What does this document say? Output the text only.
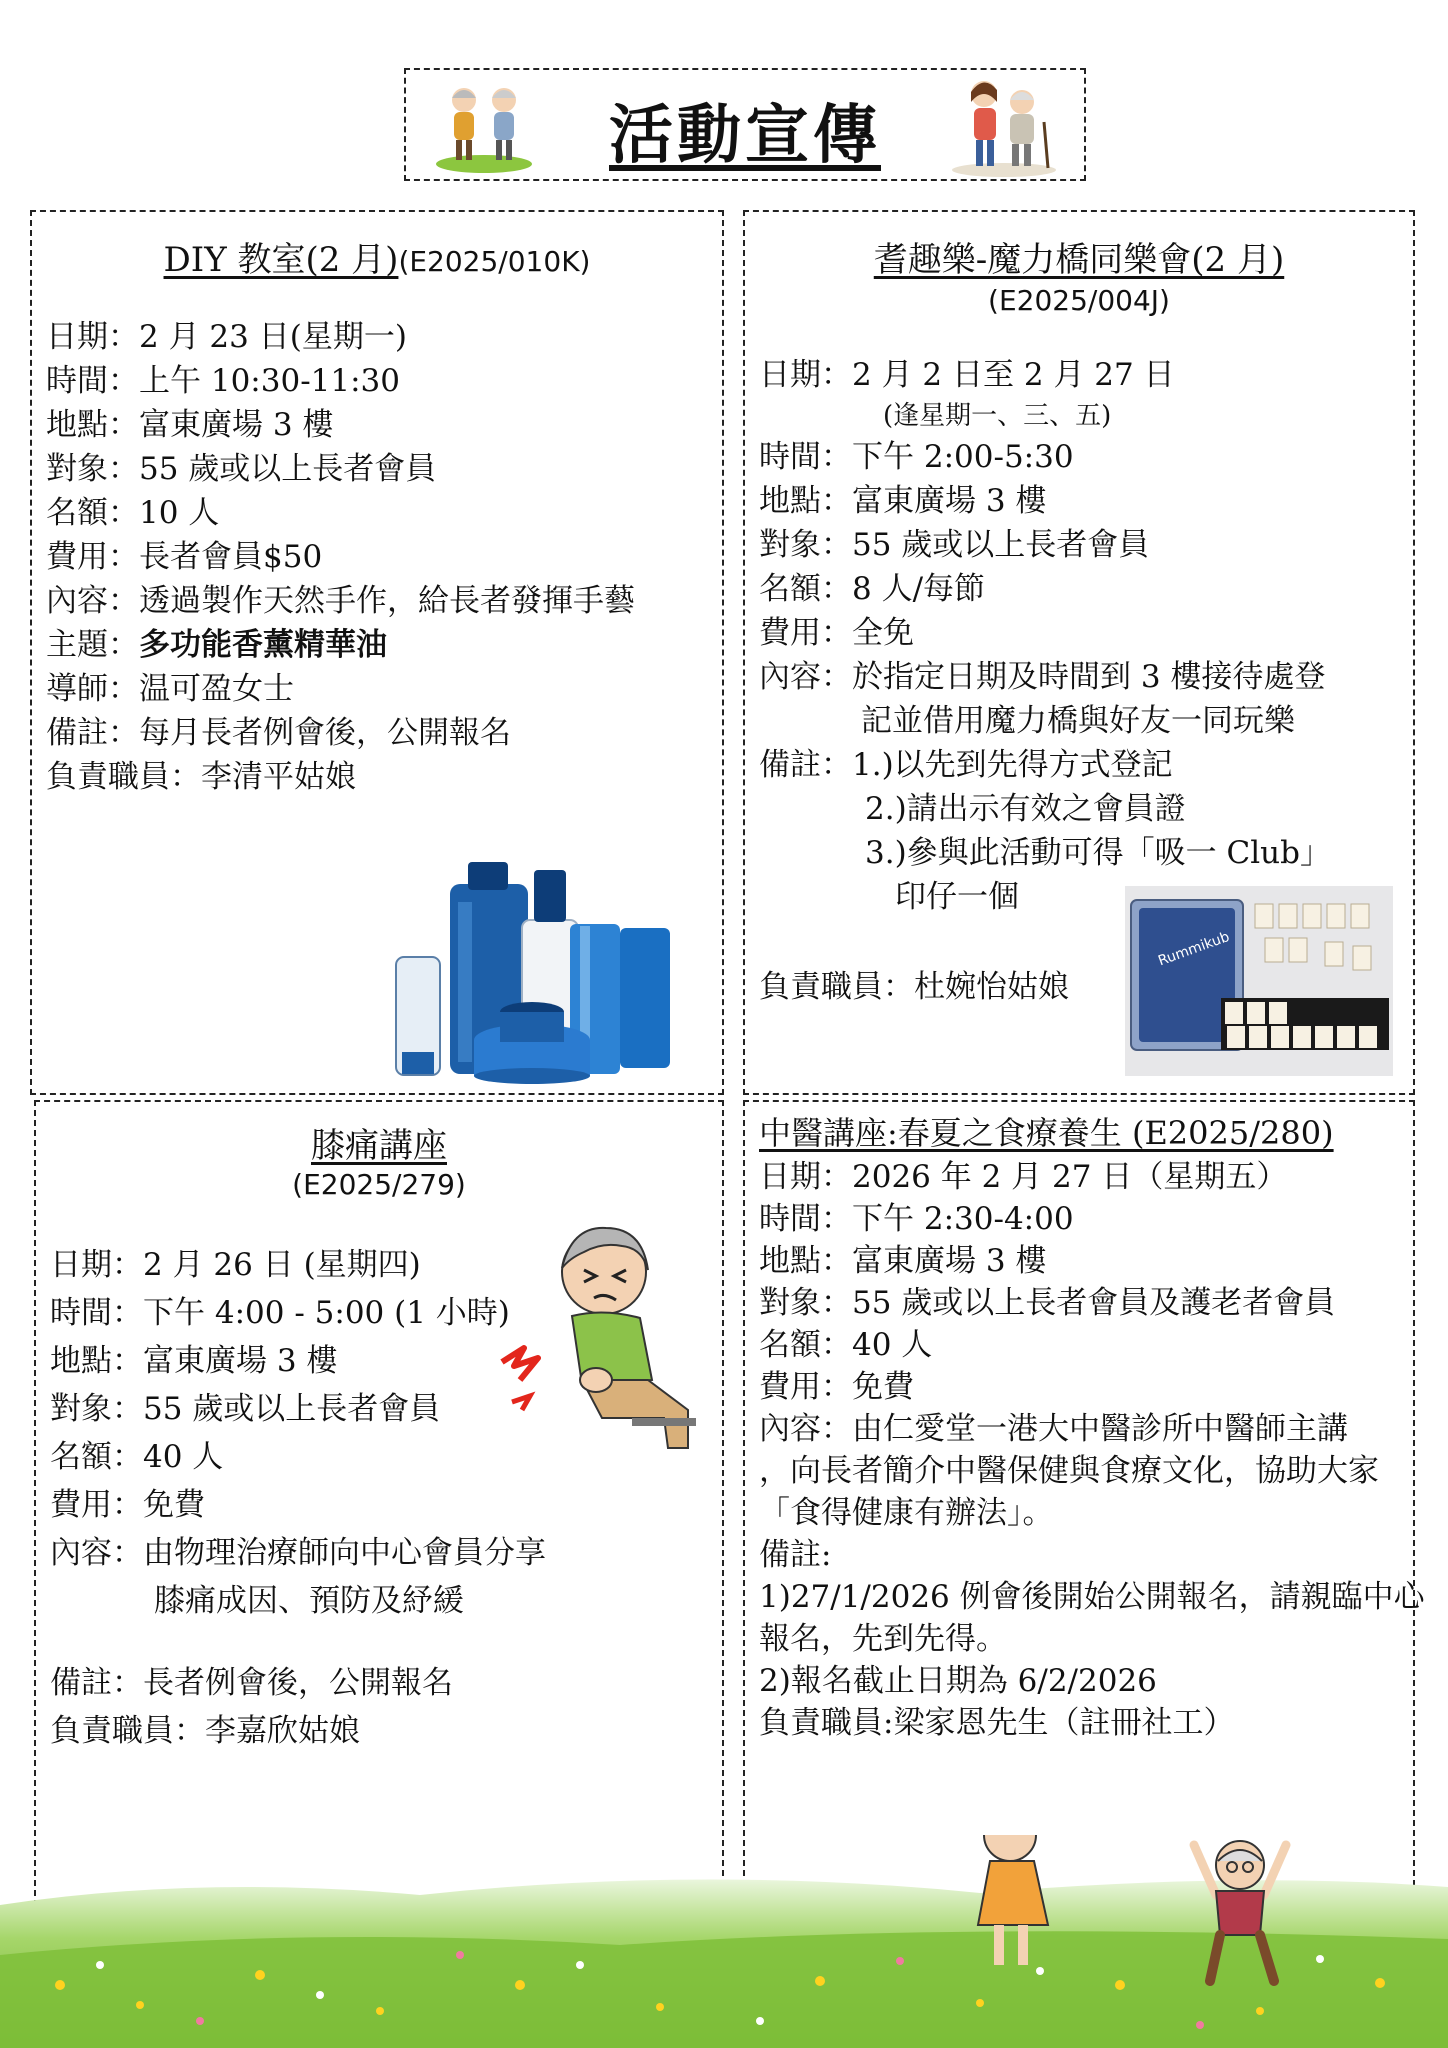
活動宣傳
DIY 教室(2 月)(E2025/010K)
日期：2 月 23 日(星期一)
時間：上午 10:30-11:30
地點：富東廣場 3 樓
對象：55 歲或以上長者會員
名額：10 人
費用：長者會員$50
內容：透過製作天然手作，給長者發揮手藝
主題：多功能香薰精華油
導師：温可盈女士
備註：每月長者例會後，公開報名
負責職員：李清平姑娘
耆趣樂-魔力橋同樂會(2 月)
(E2025/004J)
日期：2 月 2 日至 2 月 27 日
(逢星期一、三、五)
時間：下午 2:00-5:30
地點：富東廣場 3 樓
對象：55 歲或以上長者會員
名額：8 人/每節
費用：全免
內容：於指定日期及時間到 3 樓接待處登
記並借用魔力橋與好友一同玩樂
備註：1.)以先到先得方式登記
2.)請出示有效之會員證
3.)參與此活動可得「吸一 Club」
印仔一個
負責職員：杜婉怡姑娘
Rummikub
膝痛講座
(E2025/279)
日期：2 月 26 日 (星期四)
時間：下午 4:00 - 5:00 (1 小時)
地點：富東廣場 3 樓
對象：55 歲或以上長者會員
名額：40 人
費用：免費
內容：由物理治療師向中心會員分享
膝痛成因、預防及紓緩
備註：長者例會後，公開報名
負責職員：李嘉欣姑娘
中醫講座:春夏之食療養生 (E2025/280)
日期：2026 年 2 月 27 日（星期五）
時間：下午 2:30-4:00
地點：富東廣場 3 樓
對象：55 歲或以上長者會員及護老者會員
名額：40 人
費用：免費
內容：由仁愛堂一港大中醫診所中醫師主講
，向長者簡介中醫保健與食療文化，協助大家
「食得健康有辦法」。
備註:
1)27/1/2026 例會後開始公開報名，請親臨中心
報名，先到先得。
2)報名截止日期為 6/2/2026
負責職員:梁家恩先生（註冊社工）
